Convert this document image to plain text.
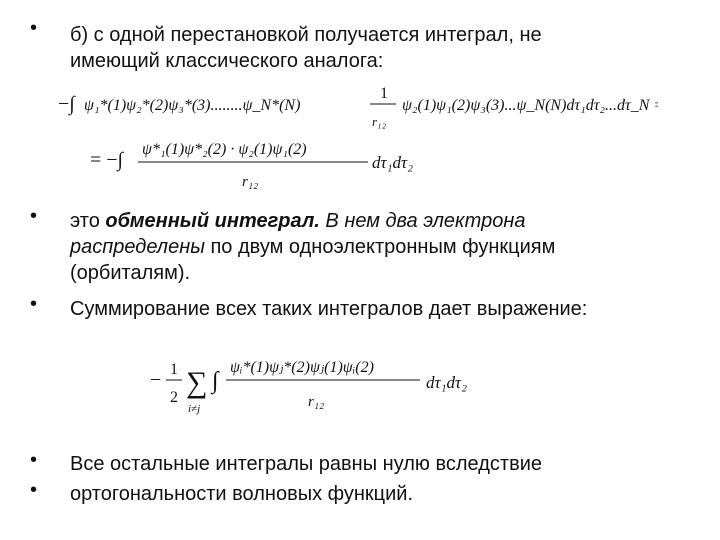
• б) с одной перестановкой получается интеграл, не
имеющий классического аналога:
−∫ ψ₁*(1)ψ₂*(2)ψ₃*(3)........ψ_N*(N)
1
r₁₂
ψ₂(1)ψ₁(2)ψ₃(3)...ψ_N(N)dτ₁dτ₂...dτ_N =
= −∫ ψ*₁(1)ψ*₂(2) · ψ₂(1)ψ₁(2)
r₁₂
dτ₁dτ₂
• это обменный интеграл. В нем два электрона
распределены по двум одноэлектронным функциям
(орбиталям).
• Суммирование всех таких интегралов дает выражение:
− 1
2 ∑
i≠j
∫
ψᵢ*(1)ψⱼ*(2)ψⱼ(1)ψᵢ(2)
r₁₂
dτ₁dτ₂
• Все остальные интегралы равны нулю вследствие
• ортогональности волновых функций.
